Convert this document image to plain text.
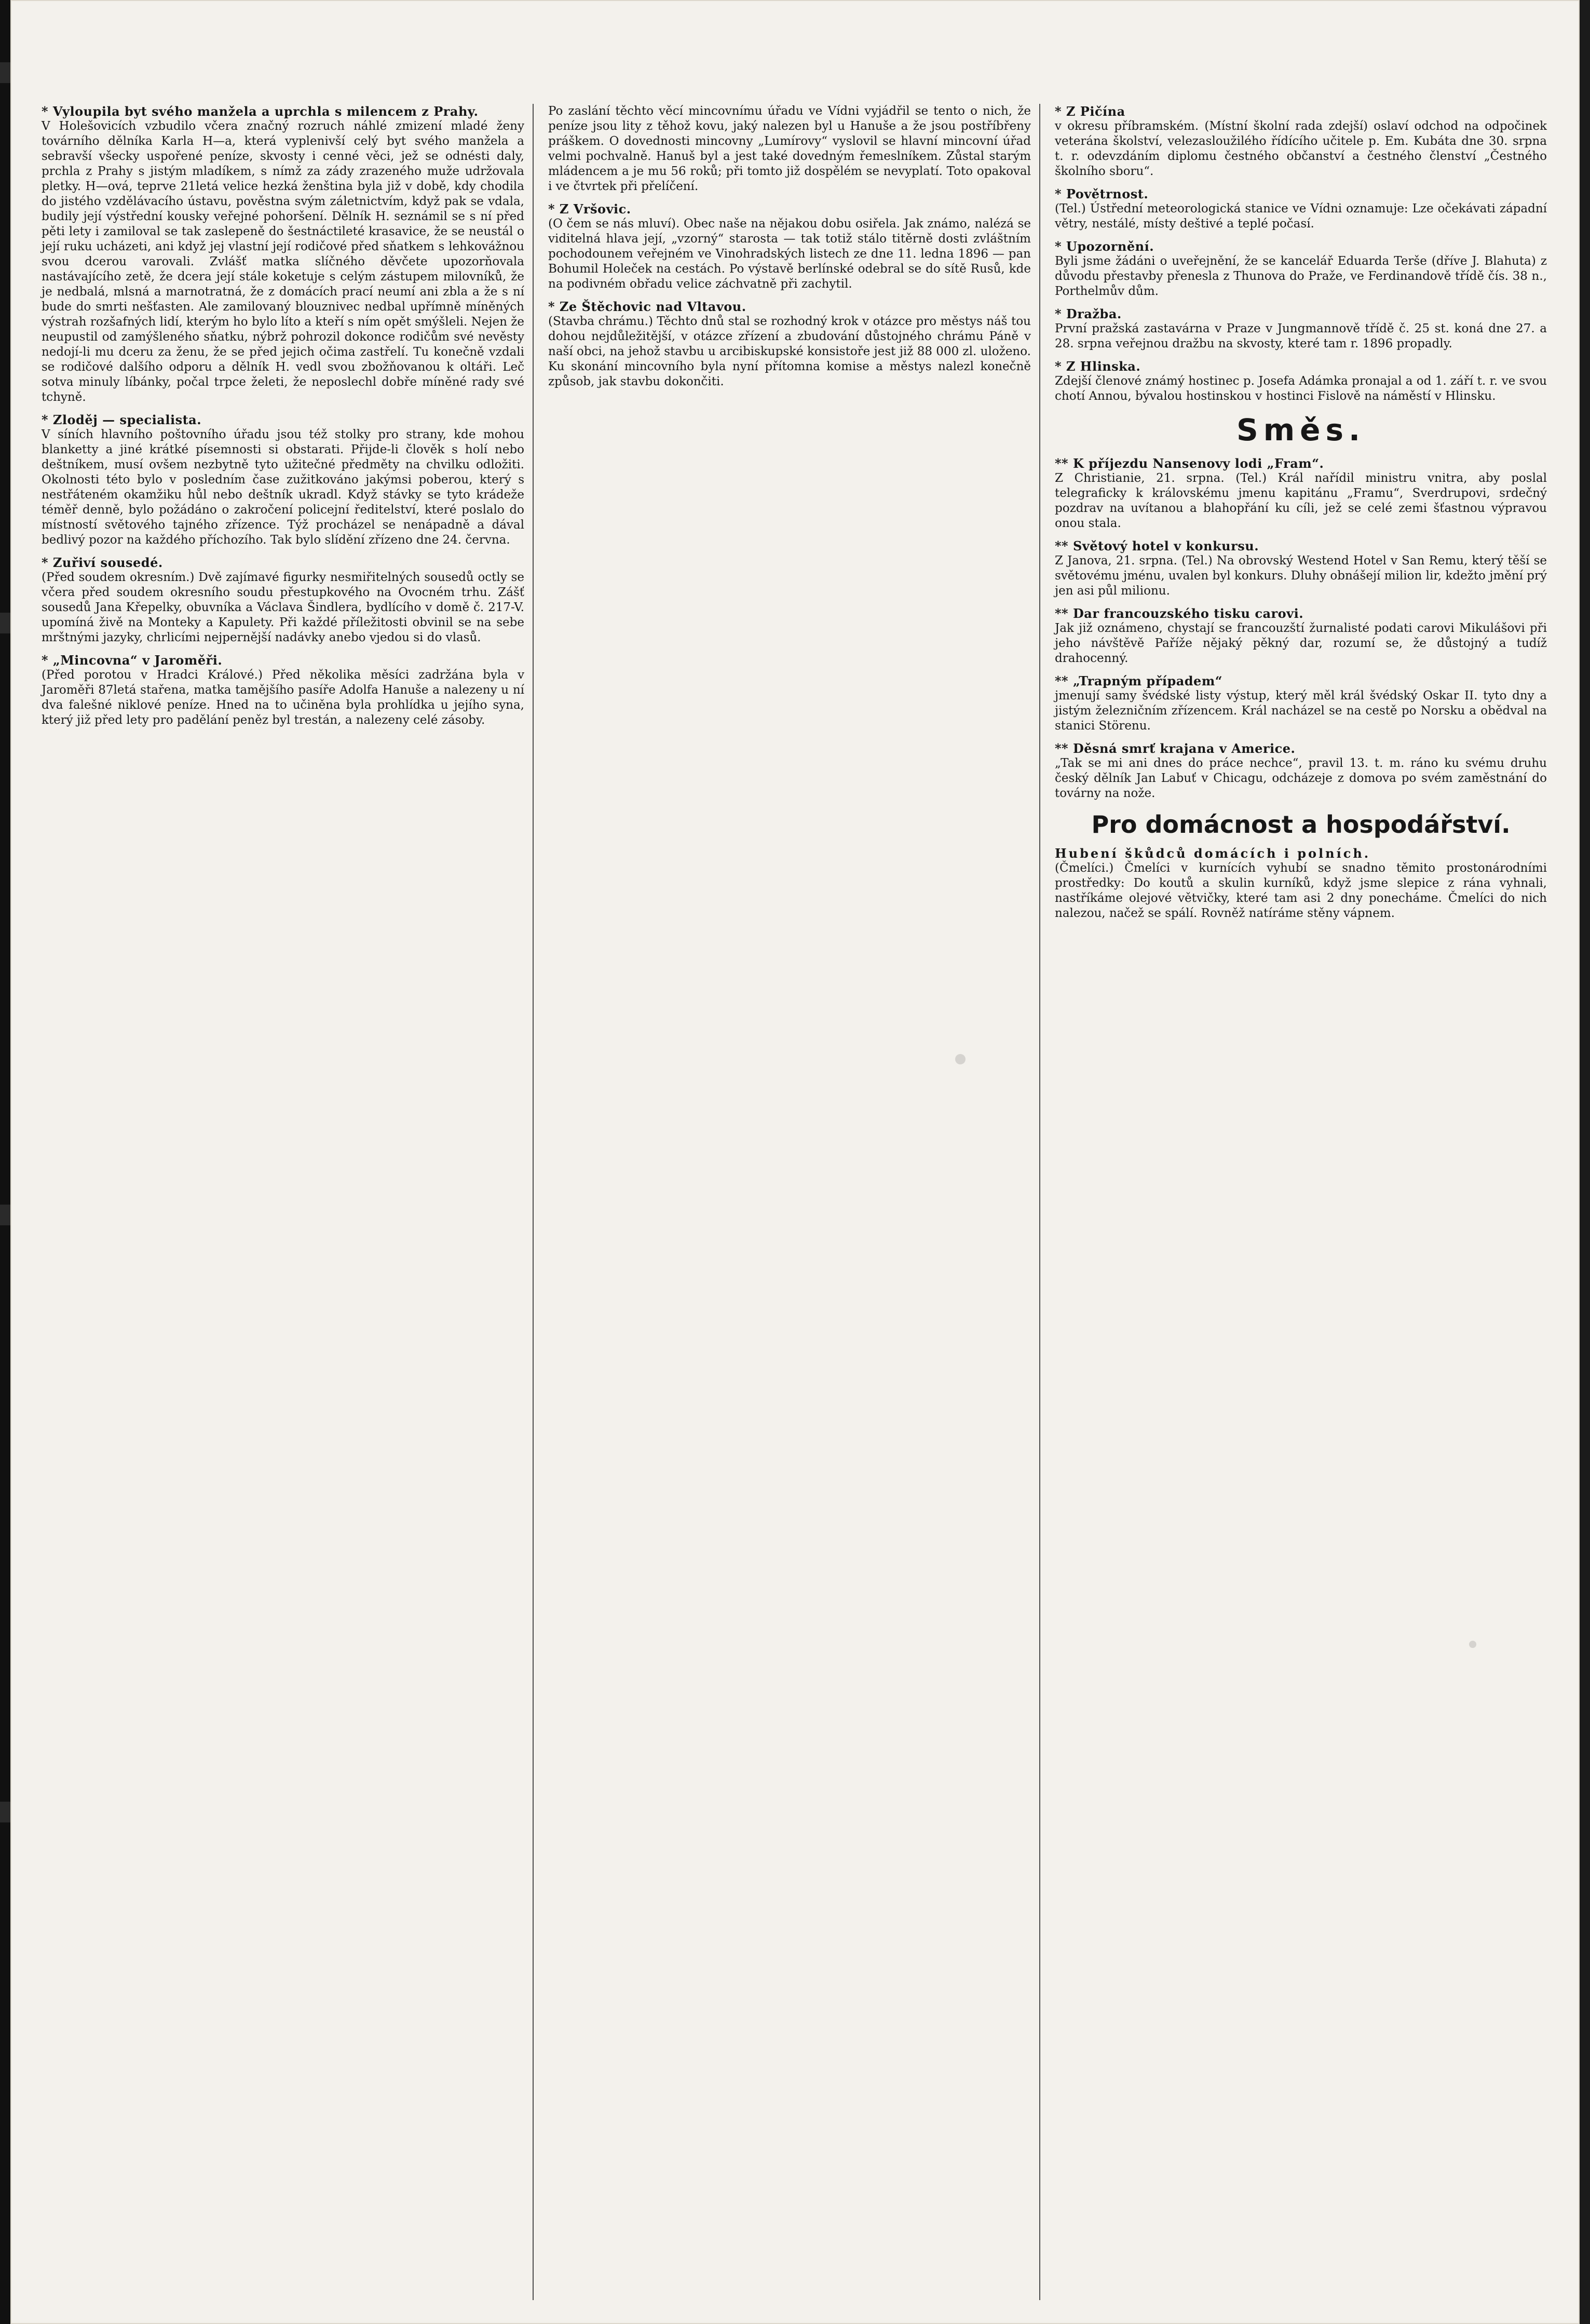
* Vyloupila byt svého manžela a uprchla s milencem z Prahy.
V Holešovicích vzbudilo včera značný rozruch náhlé zmizení mladé ženy továrního dělníka Karla H—a, která vyplenivší celý byt svého manžela a sebravší všecky uspořené peníze, skvosty i cenné věci, jež se odnésti daly, prchla z Prahy s jistým mladíkem, s nímž za zády zrazeného muže udržovala pletky. H—ová, teprve 21letá velice hezká ženština byla již v době, kdy chodila do jistého vzdělávacího ústavu, pověstna svým záletnictvím, když pak se vdala, budily její výstřední kousky veřejné pohoršení. Dělník H. seznámil se s ní před pěti lety i zamiloval se tak zaslepeně do šestnáctileté krasavice, že se neustál o její ruku ucházeti, ani když jej vlastní její rodičové před sňatkem s lehkovážnou svou dcerou varovali. Zvlášť matka slíčného děvčete upozorňovala nastávajícího zetě, že dcera její stále koketuje s celým zástupem milovníků, že je nedbalá, mlsná a marnotratná, že z domácích prací neumí ani zbla a že s ní bude do smrti nešťasten. Ale zamilovaný blouznivec nedbal upřímně míněných výstrah rozšafných lidí, kterým ho bylo líto a kteří s ním opět smýšleli. Nejen že neupustil od zamýšleného sňatku, nýbrž pohrozil dokonce rodičům své nevěsty nedojí-li mu dceru za ženu, že se před jejich očima zastřelí. Tu konečně vzdali se rodičové dalšího odporu a dělník H. vedl svou zbožňovanou k oltáři. Leč sotva minuly líbánky, počal trpce želeti, že neposlechl dobře míněné rady své tchyně.
* Zloděj — specialista.
V síních hlavního poštovního úřadu jsou též stolky pro strany, kde mohou blanketty a jiné krátké písemnosti si obstarati. Přijde-li člověk s holí nebo deštníkem, musí ovšem nezbytně tyto užitečné předměty na chvilku odložiti. Okolnosti této bylo v posledním čase zužitkováno jakýmsi poberou, který s nestřáteném okamžiku hůl nebo deštník ukradl. Když stávky se tyto krádeže téměř denně, bylo požádáno o zakročení policejní ředitelství, které poslalo do místností světového tajného zřízence. Týž procházel se nenápadně a dával bedlivý pozor na každého příchozího. Tak bylo slídění zřízeno dne 24. června.
* Zuřiví sousedé.
(Před soudem okresním.) Dvě zajímavé figurky nesmiřitelných sousedů octly se včera před soudem okresního soudu přestupkového na Ovocném trhu. Zášť sousedů Jana Křepelky, obuvníka a Václava Šindlera, bydlícího v domě č. 217-V. upomíná živě na Monteky a Kapulety. Při každé příležitosti obvinil se na sebe mrštnými jazyky, chrlicími nejpernější nadávky anebo vjedou si do vlasů.
* „Mincovna“ v Jaroměři.
(Před porotou v Hradci Králové.) Před několika měsíci zadržána byla v Jaroměři 87letá stařena, matka tamějšího pasíře Adolfa Hanuše a nalezeny u ní dva falešné niklové peníze. Hned na to učiněna byla prohlídka u jejího syna, který již před lety pro padělání peněz byl trestán, a nalezeny celé zásoby.
Po zaslání těchto věcí mincovnímu úřadu ve Vídni vyjádřil se tento o nich, že peníze jsou lity z těhož kovu, jaký nalezen byl u Hanuše a že jsou postříbřeny práškem. O dovednosti mincovny „Lumírovy“ vyslovil se hlavní mincovní úřad velmi pochvalně. Hanuš byl a jest také dovedným řemeslníkem. Zůstal starým mládencem a je mu 56 roků; při tomto již dospělém se nevyplatí. Toto opakoval i ve čtvrtek při přelíčení.
* Z Vršovic.
(O čem se nás mluví). Obec naše na nějakou dobu osiřela. Jak známo, nalézá se viditelná hlava její, „vzorný“ starosta — tak totiž stálo titěrně dosti zvláštním pochodounem veřejném ve Vinohradských listech ze dne 11. ledna 1896 — pan Bohumil Holeček na cestách. Po výstavě berlínské odebral se do sítě Rusů, kde na podivném obřadu velice záchvatně při zachytil.
* Ze Štěchovic nad Vltavou.
(Stavba chrámu.) Těchto dnů stal se rozhodný krok v otázce pro městys náš tou dohou nejdůležitější, v otázce zřízení a zbudování důstojného chrámu Páně v naší obci, na jehož stavbu u arcibiskupské konsistoře jest již 88 000 zl. uloženo. Ku skonání mincovního byla nyní přítomna komise a městys nalezl konečně způsob, jak stavbu dokončiti.
* Z Pičína
v okresu příbramském. (Místní školní rada zdejší) oslaví odchod na odpočinek veterána školství, velezasloužilého řídícího učitele p. Em. Kubáta dne 30. srpna t. r. odevzdáním diplomu čestného občanství a čestného členství „Čestného školního sboru“.
* Povětrnost.
(Tel.) Ústřední meteorologická stanice ve Vídni oznamuje: Lze očekávati západní větry, nestálé, místy deštivé a teplé počasí.
* Upozornění.
Byli jsme žádáni o uveřejnění, že se kancelář Eduarda Terše (dříve J. Blahuta) z důvodu přestavby přenesla z Thunova do Praže, ve Ferdinandově třídě čís. 38 n., Porthelmův dům.
* Dražba.
První pražská zastavárna v Praze v Jungmannově třídě č. 25 st. koná dne 27. a 28. srpna veřejnou dražbu na skvosty, které tam r. 1896 propadly.
* Z Hlinska.
Zdejší členové známý hostinec p. Josefa Adámka pronajal a od 1. září t. r. ve svou chotí Annou, bývalou hostinskou v hostinci Fislově na náměstí v Hlinsku.
Směs.
** K příjezdu Nansenovy lodi „Fram“.
Z Christianie, 21. srpna. (Tel.) Král nařídil ministru vnitra, aby poslal telegraficky k královskému jmenu kapitánu „Framu“, Sverdrupovi, srdečný pozdrav na uvítanou a blahopřání ku cíli, jež se celé zemi šťastnou výpravou onou stala.
** Světový hotel v konkursu.
Z Janova, 21. srpna. (Tel.) Na obrovský Westend Hotel v San Remu, který těší se světovému jménu, uvalen byl konkurs. Dluhy obnášejí milion lir, kdežto jmění prý jen asi půl milionu.
** Dar francouzského tisku carovi.
Jak již oznámeno, chystají se francouzští žurnalisté podati carovi Mikulášovi při jeho návštěvě Paříže nějaký pěkný dar, rozumí se, že důstojný a tudíž drahocenný.
** „Trapným případem“
jmenují samy švédské listy výstup, který měl král švédský Oskar II. tyto dny a jistým železničním zřízencem. Král nacházel se na cestě po Norsku a obědval na stanici Störenu.
** Děsná smrť krajana v Americe.
„Tak se mi ani dnes do práce nechce“, pravil 13. t. m. ráno ku svému druhu český dělník Jan Labuť v Chicagu, odcházeje z domova po svém zaměstnání do továrny na nože.
Pro domácnost a hospodářství.
Hubení škůdců domácích i polních.
(Čmelíci.) Čmelíci v kurnících vyhubí se snadno těmito prostonárodními prostředky: Do koutů a skulin kurníků, když jsme slepice z rána vyhnali, nastříkáme olejové větvičky, které tam asi 2 dny ponecháme. Čmelíci do nich nalezou, načež se spálí. Rovněž natíráme stěny vápnem.
